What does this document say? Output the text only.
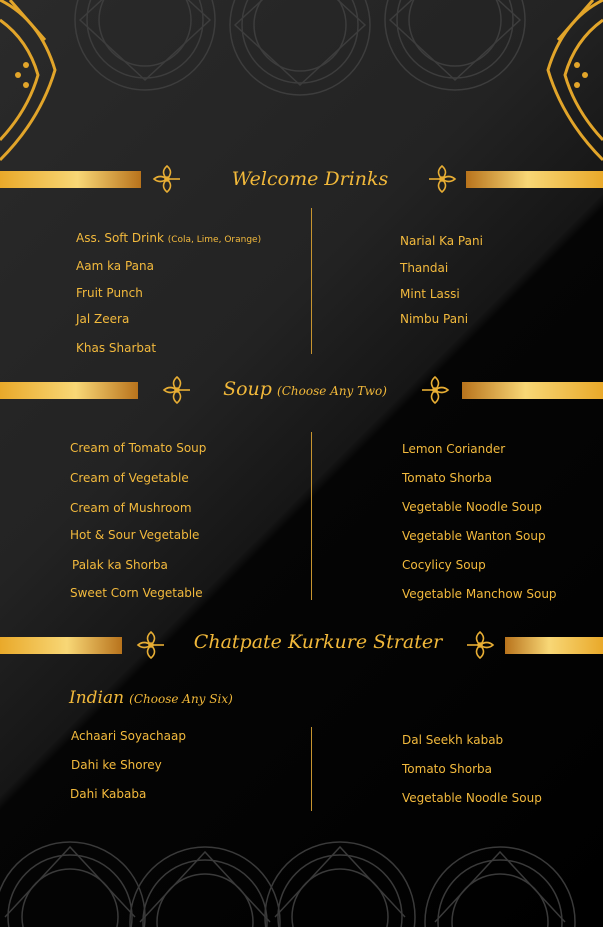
Welcome Drinks
Ass. Soft Drink (Cola, Lime, Orange)
Aam ka Pana
Fruit Punch
Jal Zeera
Khas Sharbat
Narial Ka Pani
Thandai
Mint Lassi
Nimbu Pani
Soup (Choose Any Two)
Cream of Tomato Soup
Cream of Vegetable
Cream of Mushroom
Hot & Sour Vegetable
Palak ka Shorba
Sweet Corn Vegetable
Lemon Coriander
Tomato Shorba
Vegetable Noodle Soup
Vegetable Wanton Soup
Cocylicy Soup
Vegetable Manchow Soup
Chatpate Kurkure Strater
Indian (Choose Any Six)
Achaari Soyachaap
Dahi ke Shorey
Dahi Kababa
Dal Seekh kabab
Tomato Shorba
Vegetable Noodle Soup
